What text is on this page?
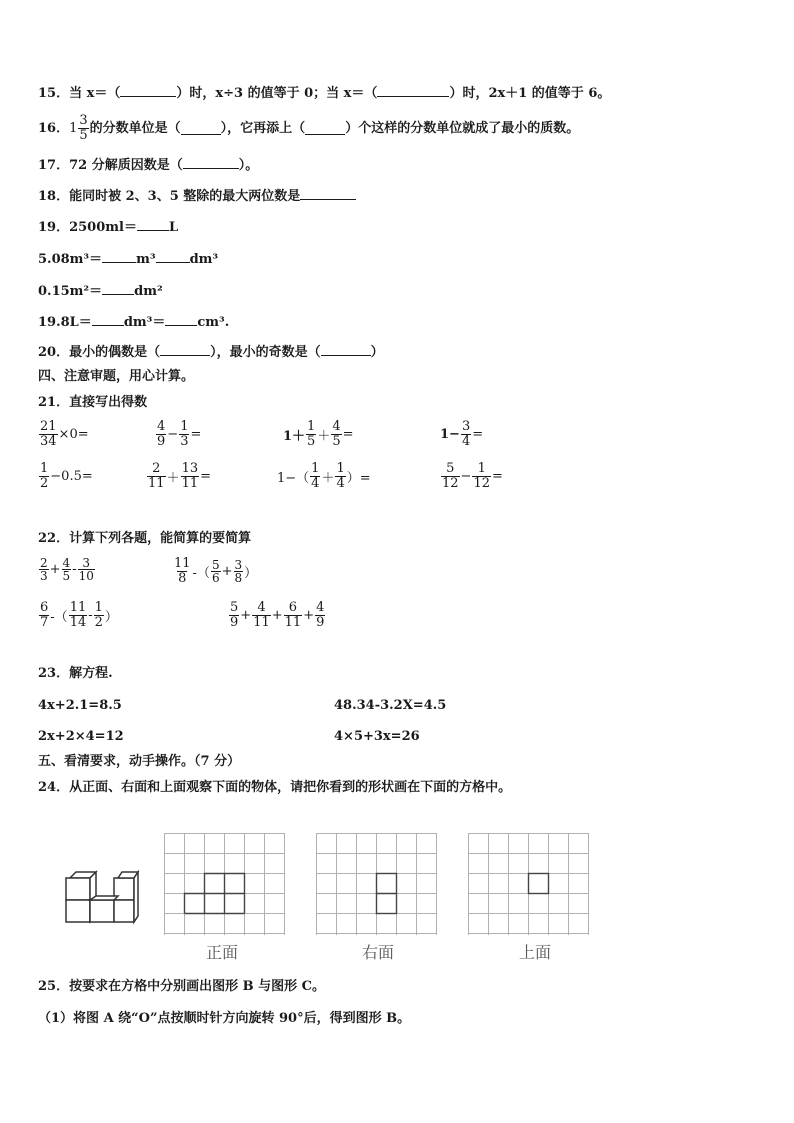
15．当 x＝（	）时，x÷3 的值等于 0；当 x＝（	）时，2x＋1 的值等于 6。
16． $1 \frac{3}{5}$ 的分数单位是（	），它再添上（	）个这样的分数单位就成了最小的质数。
17．72 分解质因数是（	）。
18．能同时被 2、3、5 整除的最大两位数是
19．2500ml＝ L
5.08m³＝	m³	dm³
0.15m²＝ dm²
19.8L＝ dm³＝ cm³.
20．最小的偶数是（	），最小的奇数是（	）
四、注意审题，用心计算。
21．直接写出得数
$\frac{21}{34} \times 0=$	$\frac{4}{9} - \frac{1}{3}$ =	$1+ \frac{1}{5} + \frac{4}{5}$ =	$1- \frac{3}{4}$ =
$\frac{1}{2} -0.5=$	$\frac{2}{11} + \frac{13}{11}$ =	$1-( \frac{1}{4} + \frac{1}{4}$ ）=	$\frac{5}{12} - \frac{1}{12}$ =
22．计算下列各题，能简算的要简算
$\frac{2}{3} + \frac{4}{5} - \frac{3}{10}$	$\frac{11}{8}$ -（ $\frac{5}{6} + \frac{3}{8}$ ）
$\frac{6}{7}$ -（ $\frac{11}{14} - \frac{1}{2}$ ）	$\frac{5}{9} + \frac{4}{11} + \frac{6}{11} + \frac{4}{9}$
23．解方程.
4x+2.1=8.5	48.34-3.2X=4.5
2x+2×4=12	4×5+3x=26
五、看清要求，动手操作。（7 分）
24．从正面、右面和上面观察下面的物体，请把你看到的形状画在下面的方格中。
正面	右面	上面
25．按要求在方格中分别画出图形 B 与图形 C。
（1）将图 A 绕“O”点按顺时针方向旋转 90°后，得到图形 B。
